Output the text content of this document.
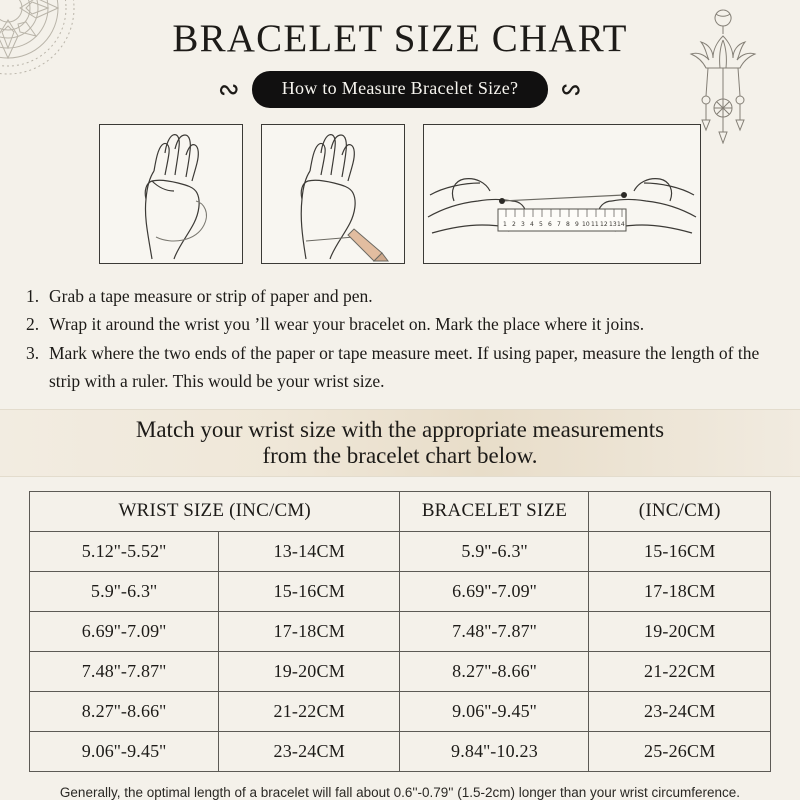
BRACELET SIZE CHART
∾	How to Measure Bracelet Size?	∾
1 2 3 4 5 6 7 8 9 10 11 12 13 14
1. Grab a tape measure or strip of paper and pen.
2. Wrap it around the wrist you ’ll wear your bracelet on. Mark the place where it joins.
3. Mark where the two ends of the paper or tape measure meet. If using paper, measure the length of the strip with a ruler. This would be your wrist size.
Match your wrist size with the appropriate measurements
from the bracelet chart below.
WRIST SIZE (INC/CM)		BRACELET SIZE	(INC/CM)
5.12''-5.52''	13-14CM	5.9''-6.3''	15-16CM
5.9''-6.3''	15-16CM	6.69''-7.09''	17-18CM
6.69''-7.09''	17-18CM	7.48''-7.87''	19-20CM
7.48''-7.87''	19-20CM	8.27''-8.66''	21-22CM
8.27''-8.66''	21-22CM	9.06''-9.45''	23-24CM
9.06''-9.45''	23-24CM	9.84''-10.23	25-26CM
Generally, the optimal length of a bracelet will fall about 0.6''-0.79'' (1.5-2cm) longer than your wrist circumference.
